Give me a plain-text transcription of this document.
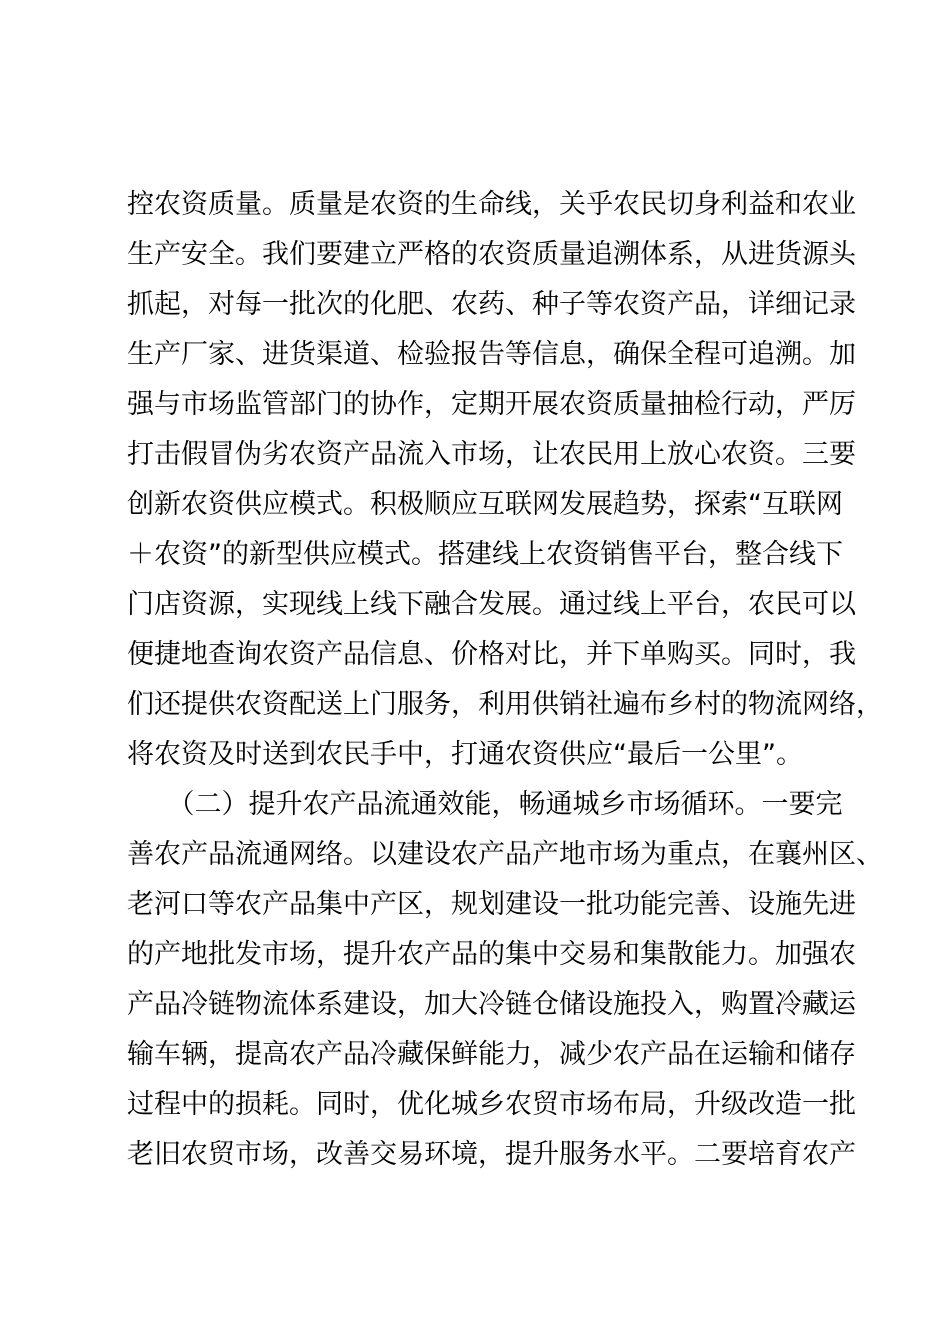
控农资质量。质量是农资的生命线，关乎农民切身利益和农业
生产安全。我们要建立严格的农资质量追溯体系，从进货源头
抓起，对每一批次的化肥、农药、种子等农资产品，详细记录
生产厂家、进货渠道、检验报告等信息，确保全程可追溯。加
强与市场监管部门的协作，定期开展农资质量抽检行动，严厉
打击假冒伪劣农资产品流入市场，让农民用上放心农资。三要
创新农资供应模式。积极顺应互联网发展趋势，探索“互联网
＋农资”的新型供应模式。搭建线上农资销售平台，整合线下
门店资源，实现线上线下融合发展。通过线上平台，农民可以
便捷地查询农资产品信息、价格对比，并下单购买。同时，我
们还提供农资配送上门服务，利用供销社遍布乡村的物流网络，
将农资及时送到农民手中，打通农资供应“最后一公里”。
　　（二）提升农产品流通效能，畅通城乡市场循环。一要完
善农产品流通网络。以建设农产品产地市场为重点，在襄州区、
老河口等农产品集中产区，规划建设一批功能完善、设施先进
的产地批发市场，提升农产品的集中交易和集散能力。加强农
产品冷链物流体系建设，加大冷链仓储设施投入，购置冷藏运
输车辆，提高农产品冷藏保鲜能力，减少农产品在运输和储存
过程中的损耗。同时，优化城乡农贸市场布局，升级改造一批
老旧农贸市场，改善交易环境，提升服务水平。二要培育农产
